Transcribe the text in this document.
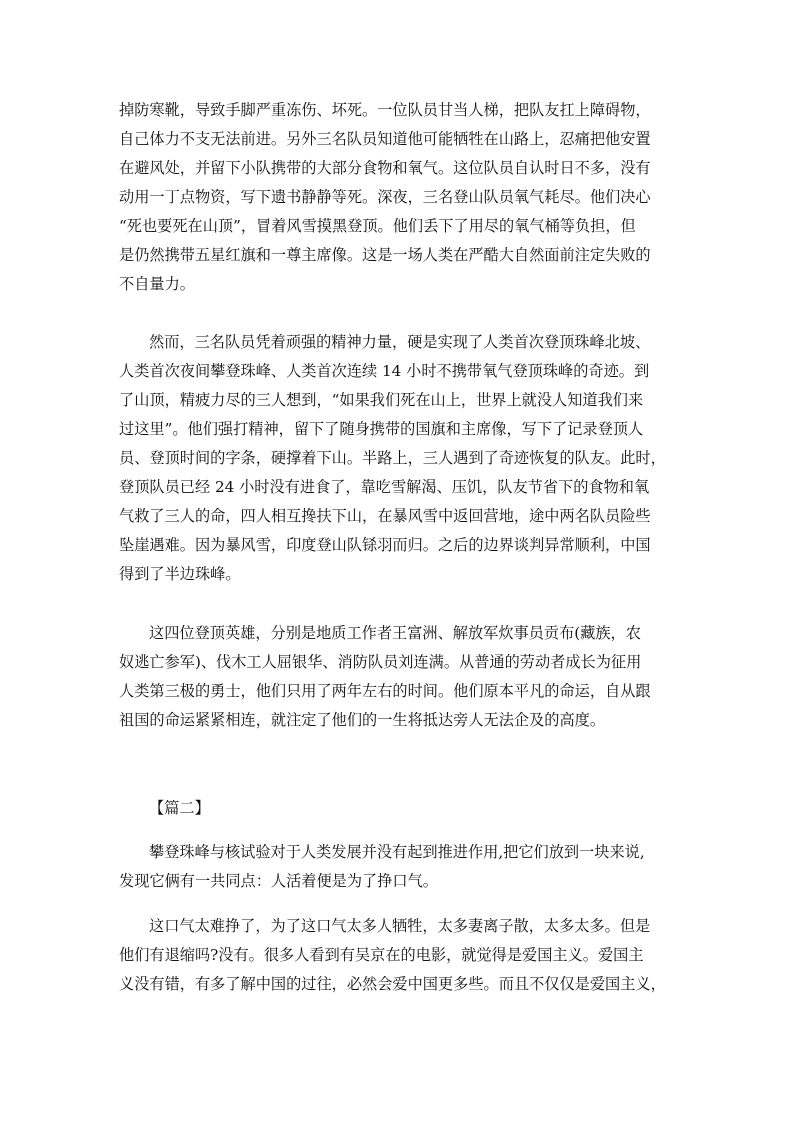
掉防寒靴，导致手脚严重冻伤、坏死。一位队员甘当人梯，把队友扛上障碍物，
自己体力不支无法前进。另外三名队员知道他可能牺牲在山路上，忍痛把他安置
在避风处，并留下小队携带的大部分食物和氧气。这位队员自认时日不多，没有
动用一丁点物资，写下遗书静静等死。深夜，三名登山队员氧气耗尽。他们决心
“死也要死在山顶”，冒着风雪摸黑登顶。他们丢下了用尽的氧气桶等负担，但
是仍然携带五星红旗和一尊主席像。这是一场人类在严酷大自然面前注定失败的
不自量力。
然而，三名队员凭着顽强的精神力量，硬是实现了人类首次登顶珠峰北坡、
人类首次夜间攀登珠峰、人类首次连续 14 小时不携带氧气登顶珠峰的奇迹。到
了山顶，精疲力尽的三人想到，“如果我们死在山上，世界上就没人知道我们来
过这里”。他们强打精神，留下了随身携带的国旗和主席像，写下了记录登顶人
员、登顶时间的字条，硬撑着下山。半路上，三人遇到了奇迹恢复的队友。此时，
登顶队员已经 24 小时没有进食了，靠吃雪解渴、压饥，队友节省下的食物和氧
气救了三人的命，四人相互搀扶下山，在暴风雪中返回营地，途中两名队员险些
坠崖遇难。因为暴风雪，印度登山队铩羽而归。之后的边界谈判异常顺利，中国
得到了半边珠峰。
这四位登顶英雄，分别是地质工作者王富洲、解放军炊事员贡布(藏族，农
奴逃亡参军)、伐木工人屈银华、消防队员刘连满。从普通的劳动者成长为征用
人类第三极的勇士，他们只用了两年左右的时间。他们原本平凡的命运，自从跟
祖国的命运紧紧相连，就注定了他们的一生将抵达旁人无法企及的高度。
【篇二】
攀登珠峰与核试验对于人类发展并没有起到推进作用,把它们放到一块来说,
发现它俩有一共同点：人活着便是为了挣口气。
这口气太难挣了，为了这口气太多人牺牲，太多妻离子散，太多太多。但是
他们有退缩吗?没有。很多人看到有吴京在的电影，就觉得是爱国主义。爱国主
义没有错，有多了解中国的过往，必然会爱中国更多些。而且不仅仅是爱国主义，
